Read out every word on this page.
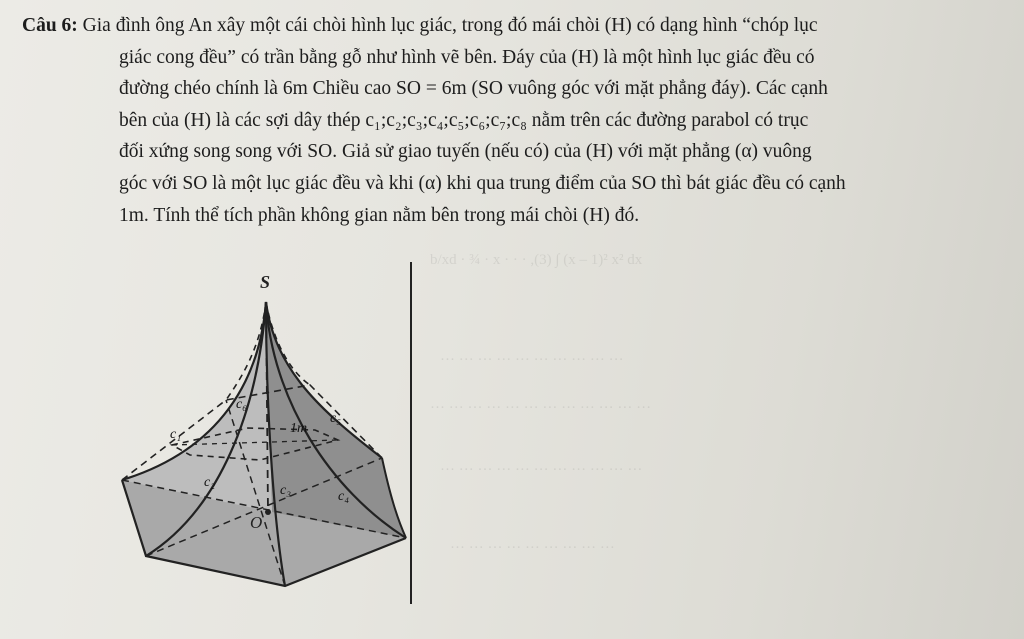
b/xd · ¾ · x · · · ,(3) ∫ (x – 1)² x² dx
··· ··· ··· ··· ··· ··· ··· ··· ··· ···
··· ··· ··· ··· ··· ··· ··· ··· ··· ··· ··· ···
··· ··· ··· ··· ··· ··· ··· ··· ··· ··· ···
··· ··· ··· ··· ··· ··· ··· ··· ···
Câu 6: Gia đình ông An xây một cái chòi hình lục giác, trong đó mái chòi (H) có dạng hình “chóp lục
giác cong đều” có trần bằng gỗ như hình vẽ bên. Đáy của (H) là một hình lục giác đều có
đường chéo chính là 6m Chiều cao SO = 6m (SO vuông góc với mặt phẳng đáy). Các cạnh
bên của (H) là các sợi dây thép c₁;c₂;c₃;c₄;c₅;c₆;c₇;c₈ nằm trên các đường parabol có trục
đối xứng song song với SO. Giả sử giao tuyến (nếu có) của (H) với mặt phẳng (α) vuông
góc với SO là một lục giác đều và khi (α) khi qua trung điểm của SO thì bát giác đều có cạnh
1m. Tính thể tích phần không gian nằm bên trong mái chòi (H) đó.
S
O
1m
c₁
c₂
c₃	c₄
c₅
c₆
